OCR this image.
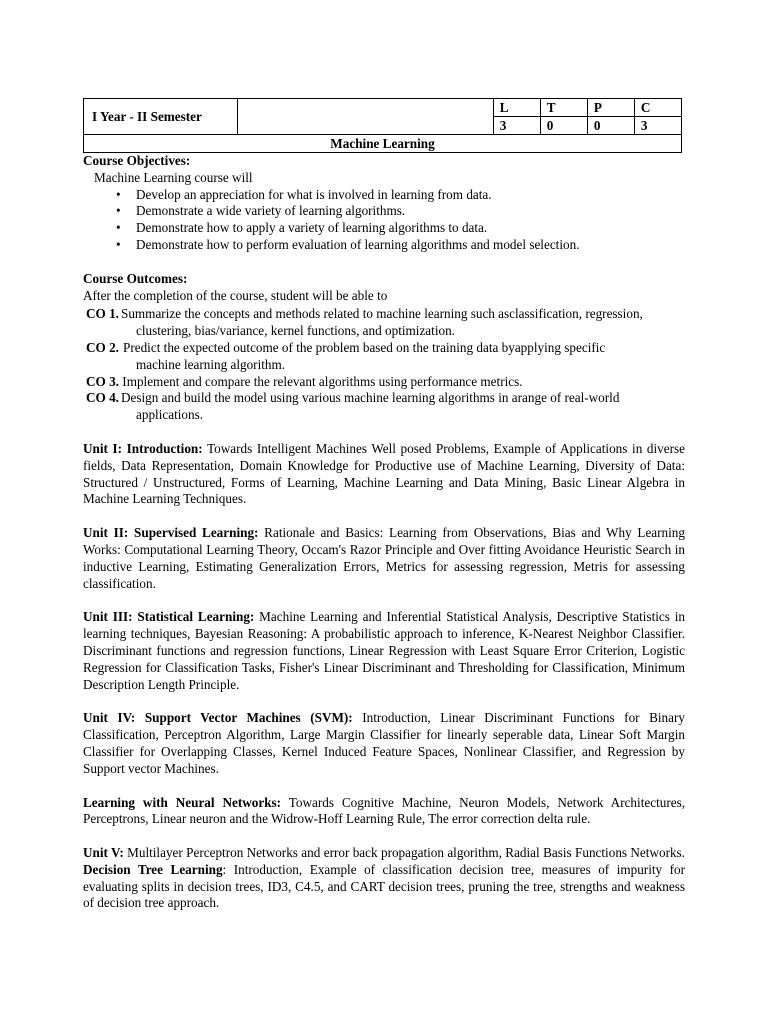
I Year - II Semester		L	T	P	C
		3	0	0	3
Machine Learning					
Course Objectives:
Machine Learning course will
• Develop an appreciation for what is involved in learning from data.
• Demonstrate a wide variety of learning algorithms.
• Demonstrate how to apply a variety of learning algorithms to data.
• Demonstrate how to perform evaluation of learning algorithms and model selection.
Course Outcomes:
After the completion of the course, student will be able to
CO 1. Summarize the concepts and methods related to machine learning such asclassification, regression,
clustering, bias/variance, kernel functions, and optimization.
CO 2. Predict the expected outcome of the problem based on the training data byapplying specific
machine learning algorithm.
CO 3. Implement and compare the relevant algorithms using performance metrics.
CO 4. Design and build the model using various machine learning algorithms in arange of real-world
applications.

Unit I: Introduction: Towards Intelligent Machines Well posed Problems, Example of Applications in diverse fields, Data Representation, Domain Knowledge for Productive use of Machine Learning, Diversity of Data: Structured / Unstructured, Forms of Learning, Machine Learning and Data Mining, Basic Linear Algebra in Machine Learning Techniques.

Unit II: Supervised Learning: Rationale and Basics: Learning from Observations, Bias and Why Learning Works: Computational Learning Theory, Occam's Razor Principle and Over fitting Avoidance Heuristic Search in inductive Learning, Estimating Generalization Errors, Metrics for assessing regression, Metris for assessing classification.

Unit III: Statistical Learning: Machine Learning and Inferential Statistical Analysis, Descriptive Statistics in learning techniques, Bayesian Reasoning: A probabilistic approach to inference, K-Nearest Neighbor Classifier. Discriminant functions and regression functions, Linear Regression with Least Square Error Criterion, Logistic Regression for Classification Tasks, Fisher's Linear Discriminant and Thresholding for Classification, Minimum Description Length Principle.

Unit IV: Support Vector Machines (SVM): Introduction, Linear Discriminant Functions for Binary Classification, Perceptron Algorithm, Large Margin Classifier for linearly seperable data, Linear Soft Margin Classifier for Overlapping Classes, Kernel Induced Feature Spaces, Nonlinear Classifier, and Regression by Support vector Machines.

Learning with Neural Networks: Towards Cognitive Machine, Neuron Models, Network Architectures, Perceptrons, Linear neuron and the Widrow-Hoff Learning Rule, The error correction delta rule.

Unit V: Multilayer Perceptron Networks and error back propagation algorithm, Radial Basis Functions Networks. Decision Tree Learning: Introduction, Example of classification decision tree, measures of impurity for evaluating splits in decision trees, ID3, C4.5, and CART decision trees, pruning the tree, strengths and weakness of decision tree approach.
